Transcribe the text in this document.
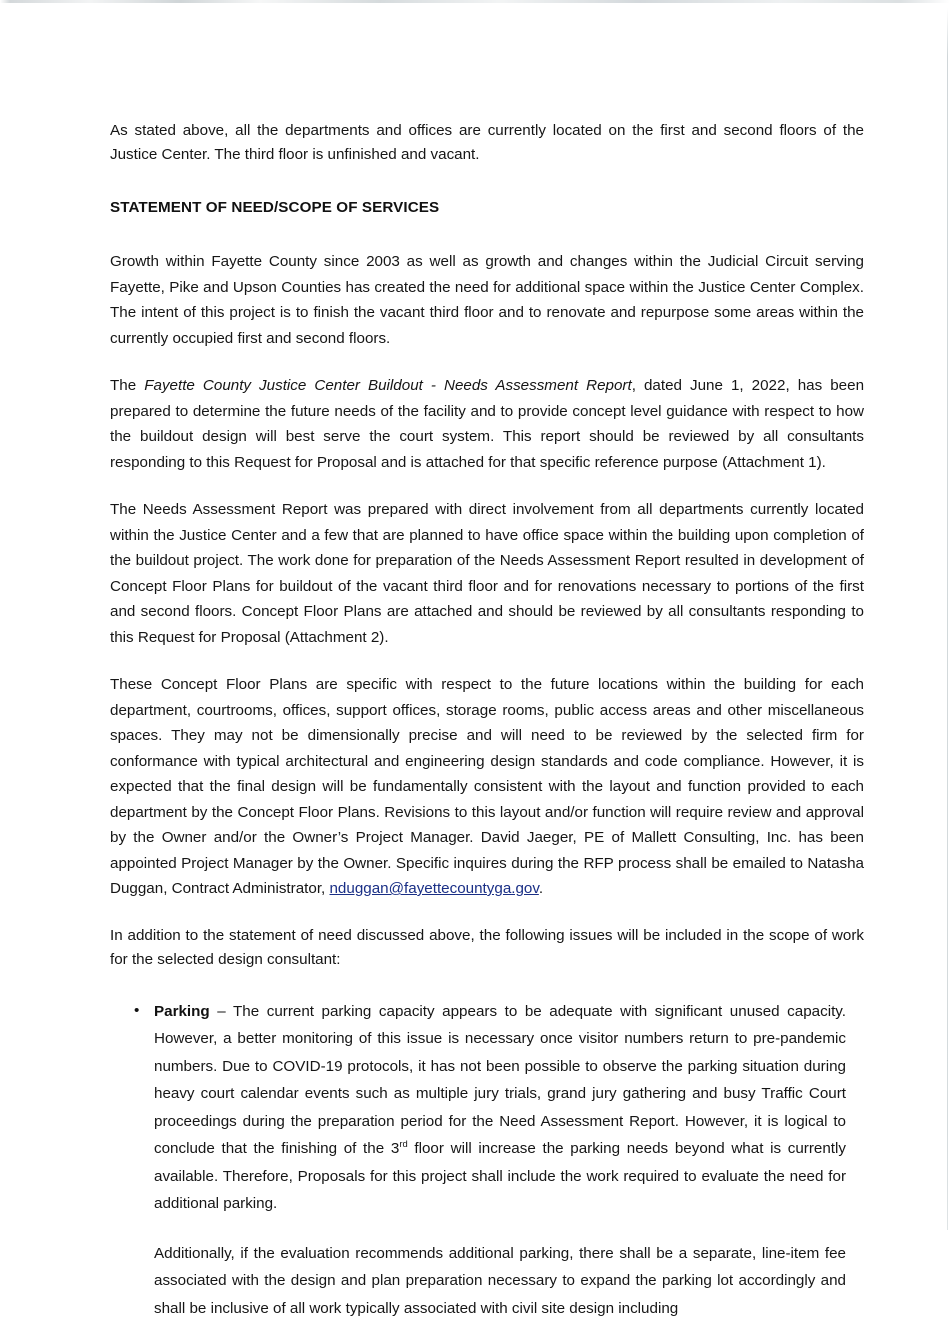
As stated above, all the departments and offices are currently located on the first and second floors of the Justice Center. The third floor is unfinished and vacant.

STATEMENT OF NEED/SCOPE OF SERVICES

Growth within Fayette County since 2003 as well as growth and changes within the Judicial Circuit serving Fayette, Pike and Upson Counties has created the need for additional space within the Justice Center Complex. The intent of this project is to finish the vacant third floor and to renovate and repurpose some areas within the currently occupied first and second floors.

The Fayette County Justice Center Buildout - Needs Assessment Report, dated June 1, 2022, has been prepared to determine the future needs of the facility and to provide concept level guidance with respect to how the buildout design will best serve the court system. This report should be reviewed by all consultants responding to this Request for Proposal and is attached for that specific reference purpose (Attachment 1).

The Needs Assessment Report was prepared with direct involvement from all departments currently located within the Justice Center and a few that are planned to have office space within the building upon completion of the buildout project. The work done for preparation of the Needs Assessment Report resulted in development of Concept Floor Plans for buildout of the vacant third floor and for renovations necessary to portions of the first and second floors. Concept Floor Plans are attached and should be reviewed by all consultants responding to this Request for Proposal (Attachment 2).

These Concept Floor Plans are specific with respect to the future locations within the building for each department, courtrooms, offices, support offices, storage rooms, public access areas and other miscellaneous spaces. They may not be dimensionally precise and will need to be reviewed by the selected firm for conformance with typical architectural and engineering design standards and code compliance. However, it is expected that the final design will be fundamentally consistent with the layout and function provided to each department by the Concept Floor Plans. Revisions to this layout and/or function will require review and approval by the Owner and/or the Owner’s Project Manager. David Jaeger, PE of Mallett Consulting, Inc. has been appointed Project Manager by the Owner. Specific inquires during the RFP process shall be emailed to Natasha Duggan, Contract Administrator, nduggan@fayettecountyga.gov.

In addition to the statement of need discussed above, the following issues will be included in the scope of work for the selected design consultant:

• Parking – The current parking capacity appears to be adequate with significant unused capacity. However, a better monitoring of this issue is necessary once visitor numbers return to pre-pandemic numbers. Due to COVID-19 protocols, it has not been possible to observe the parking situation during heavy court calendar events such as multiple jury trials, grand jury gathering and busy Traffic Court proceedings during the preparation period for the Need Assessment Report. However, it is logical to conclude that the finishing of the 3rd floor will increase the parking needs beyond what is currently available. Therefore, Proposals for this project shall include the work required to evaluate the need for additional parking.

Additionally, if the evaluation recommends additional parking, there shall be a separate, line-item fee associated with the design and plan preparation necessary to expand the parking lot accordingly and shall be inclusive of all work typically associated with civil site design including
